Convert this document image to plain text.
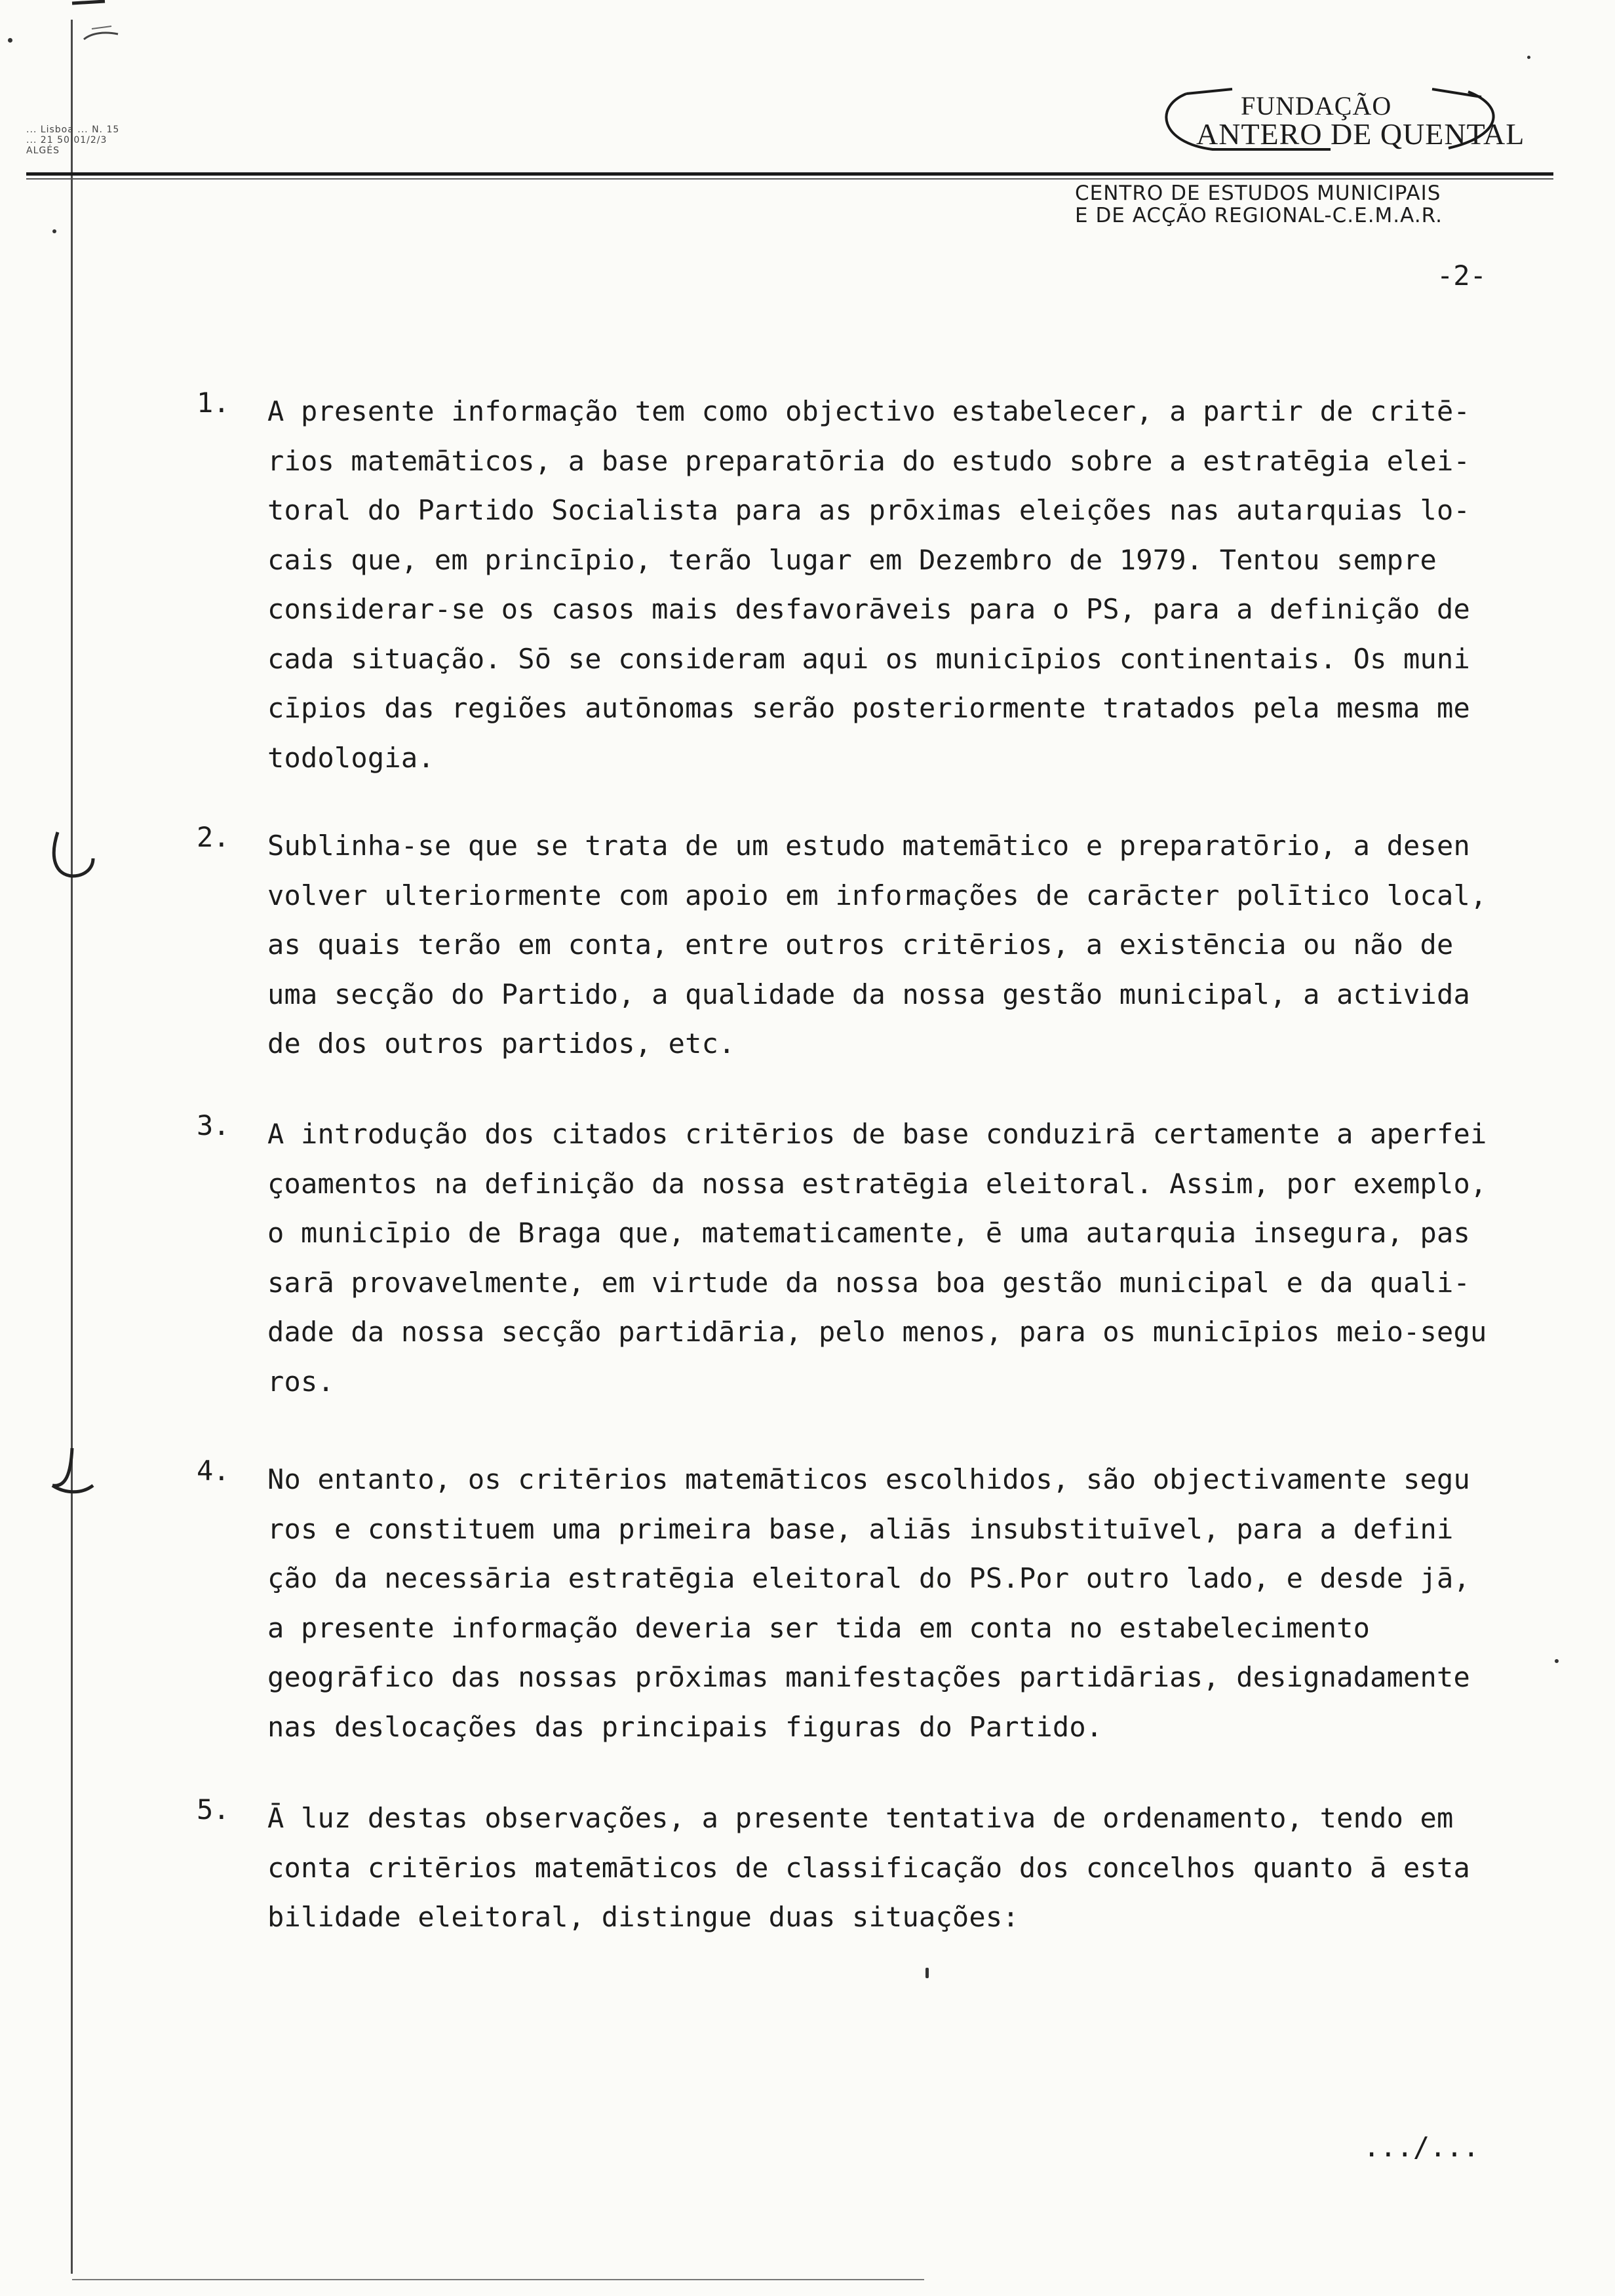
... Lisboa ... N. 15
... 21 50 01/2/3
ALGÉS
FUNDAÇÃO
ANTERO DE QUENTAL
CENTRO DE ESTUDOS MUNICIPAIS
E DE ACÇÃO REGIONAL-C.E.M.A.R.
-2-
1. A presente informação tem como objectivo estabelecer, a partir de critē-
rios matemāticos, a base preparatōria do estudo sobre a estratēgia elei-
toral do Partido Socialista para as prōximas eleições nas autarquias lo-
cais que, em princīpio, terão lugar em Dezembro de 1979. Tentou sempre
considerar-se os casos mais desfavorāveis para o PS, para a definição de
cada situação. Sō se consideram aqui os municīpios continentais. Os muni
cīpios das regiões autōnomas serão posteriormente tratados pela mesma me
todologia.
2. Sublinha-se que se trata de um estudo matemātico e preparatōrio, a desen
volver ulteriormente com apoio em informações de carācter polītico local,
as quais terão em conta, entre outros critērios, a existēncia ou não de
uma secção do Partido, a qualidade da nossa gestão municipal, a activida
de dos outros partidos, etc.
3. A introdução dos citados critērios de base conduzirā certamente a aperfei
çoamentos na definição da nossa estratēgia eleitoral. Assim, por exemplo,
o municīpio de Braga que, matematicamente, ē uma autarquia insegura, pas
sarā provavelmente, em virtude da nossa boa gestão municipal e da quali-
dade da nossa secção partidāria, pelo menos, para os municīpios meio-segu
ros.
4. No entanto, os critērios matemāticos escolhidos, são objectivamente segu
ros e constituem uma primeira base, aliās insubstituīvel, para a defini
ção da necessāria estratēgia eleitoral do PS.Por outro lado, e desde jā,
a presente informação deveria ser tida em conta no estabelecimento
geogrāfico das nossas prōximas manifestações partidārias, designadamente
nas deslocações das principais figuras do Partido.
5. Ā luz destas observações, a presente tentativa de ordenamento, tendo em
conta critērios matemāticos de classificação dos concelhos quanto ā esta
bilidade eleitoral, distingue duas situações:
.../...
